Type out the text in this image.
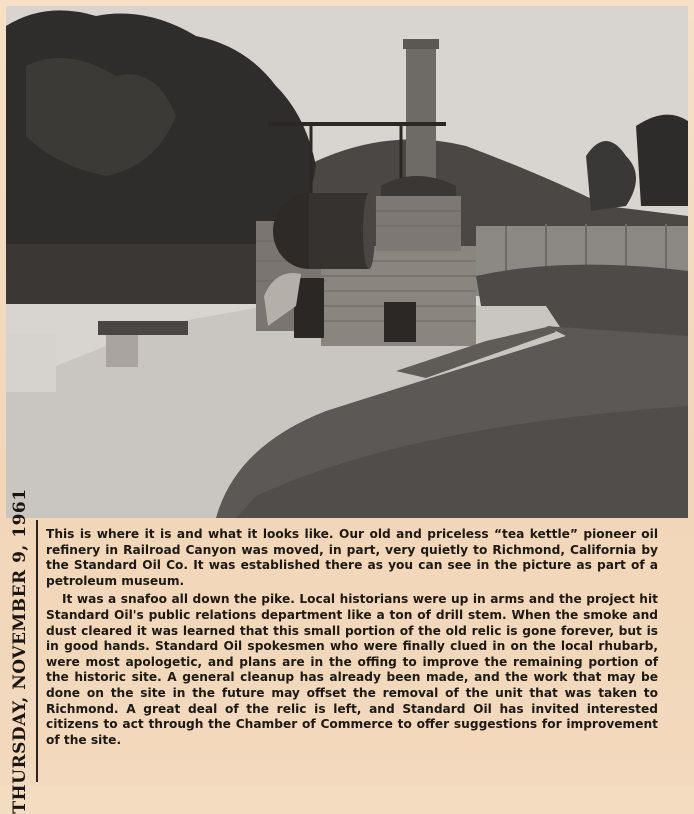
THURSDAY, NOVEMBER 9, 1961 This is where it is and what it looks like. Our old and priceless “tea kettle” pioneer oil refinery in Railroad Canyon was moved, in part, very quietly to Richmond, California by the Standard Oil Co. It was established there as you can see in the picture as part of a petroleum museum.

It was a snafoo all down the pike. Local historians were up in arms and the project hit Standard Oil's public relations department like a ton of drill stem. When the smoke and dust cleared it was learned that this small portion of the old relic is gone forever, but is in good hands. Standard Oil spokesmen who were finally clued in on the local rhubarb, were most apologetic, and plans are in the offing to improve the remaining portion of the historic site. A general cleanup has already been made, and the work that may be done on the site in the future may offset the removal of the unit that was taken to Richmond. A great deal of the relic is left, and Standard Oil has invited interested citizens to act through the Chamber of Commerce to offer suggestions for improvement of the site.
